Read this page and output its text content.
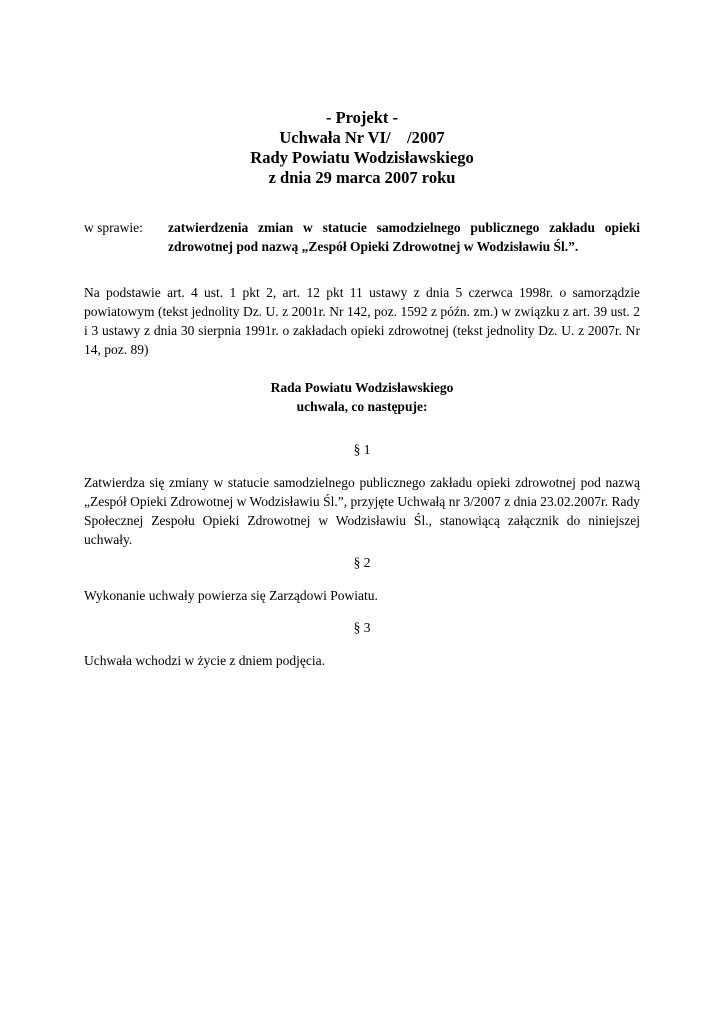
- Projekt -
Uchwała Nr VI/    /2007
Rady Powiatu Wodzisławskiego
z dnia 29 marca 2007 roku
w sprawie: zatwierdzenia zmian w statucie samodzielnego publicznego zakładu opieki zdrowotnej pod nazwą „Zespół Opieki Zdrowotnej w Wodzisławiu Śl.”.
Na podstawie art. 4 ust. 1 pkt 2, art. 12 pkt 11 ustawy z dnia 5 czerwca 1998r. o samorządzie powiatowym (tekst jednolity Dz. U. z 2001r. Nr 142, poz. 1592 z późn. zm.) w związku z art. 39 ust. 2 i 3 ustawy z dnia 30 sierpnia 1991r. o zakładach opieki zdrowotnej (tekst jednolity Dz. U. z 2007r. Nr 14, poz. 89)
Rada Powiatu Wodzisławskiego
uchwala, co następuje:
§ 1
Zatwierdza się zmiany w statucie samodzielnego publicznego zakładu opieki zdrowotnej pod nazwą „Zespół Opieki Zdrowotnej w Wodzisławiu Śl.”, przyjęte Uchwałą nr 3/2007 z dnia 23.02.2007r. Rady Społecznej Zespołu Opieki Zdrowotnej w Wodzisławiu Śl., stanowiącą załącznik do niniejszej uchwały.
§ 2
Wykonanie uchwały powierza się Zarządowi Powiatu.
§ 3
Uchwała wchodzi w życie z dniem podjęcia.
